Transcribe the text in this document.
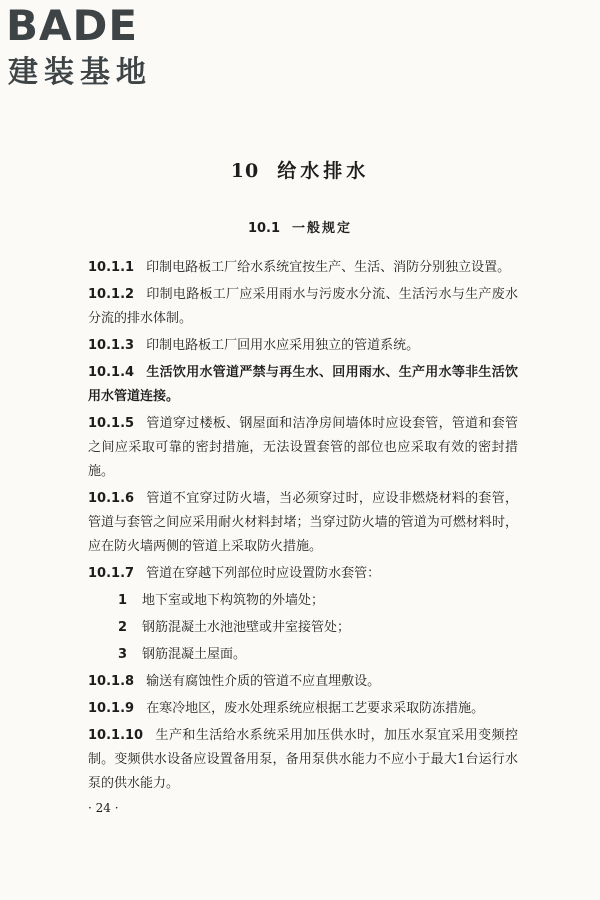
BADE
建装基地
10 给水排水
10.1 一般规定

10.1.1 印制电路板工厂给水系统宜按生产、生活、消防分别独立设置。

10.1.2 印制电路板工厂应采用雨水与污废水分流、生活污水与生产废水分流的排水体制。

10.1.3 印制电路板工厂回用水应采用独立的管道系统。

10.1.4 生活饮用水管道严禁与再生水、回用雨水、生产用水等非生活饮用水管道连接。

10.1.5 管道穿过楼板、钢屋面和洁净房间墙体时应设套管，管道和套管之间应采取可靠的密封措施，无法设置套管的部位也应采取有效的密封措施。

10.1.6 管道不宜穿过防火墙，当必须穿过时，应设非燃烧材料的套管，管道与套管之间应采用耐火材料封堵；当穿过防火墙的管道为可燃材料时，应在防火墙两侧的管道上采取防火措施。

10.1.7 管道在穿越下列部位时应设置防水套管：

1 地下室或地下构筑物的外墙处；

2 钢筋混凝土水池池壁或井室接管处；

3 钢筋混凝土屋面。

10.1.8 输送有腐蚀性介质的管道不应直埋敷设。

10.1.9 在寒冷地区，废水处理系统应根据工艺要求采取防冻措施。

10.1.10 生产和生活给水系统采用加压供水时，加压水泵宜采用变频控制。变频供水设备应设置备用泵，备用泵供水能力不应小于最大1台运行水泵的供水能力。

· 24 ·
